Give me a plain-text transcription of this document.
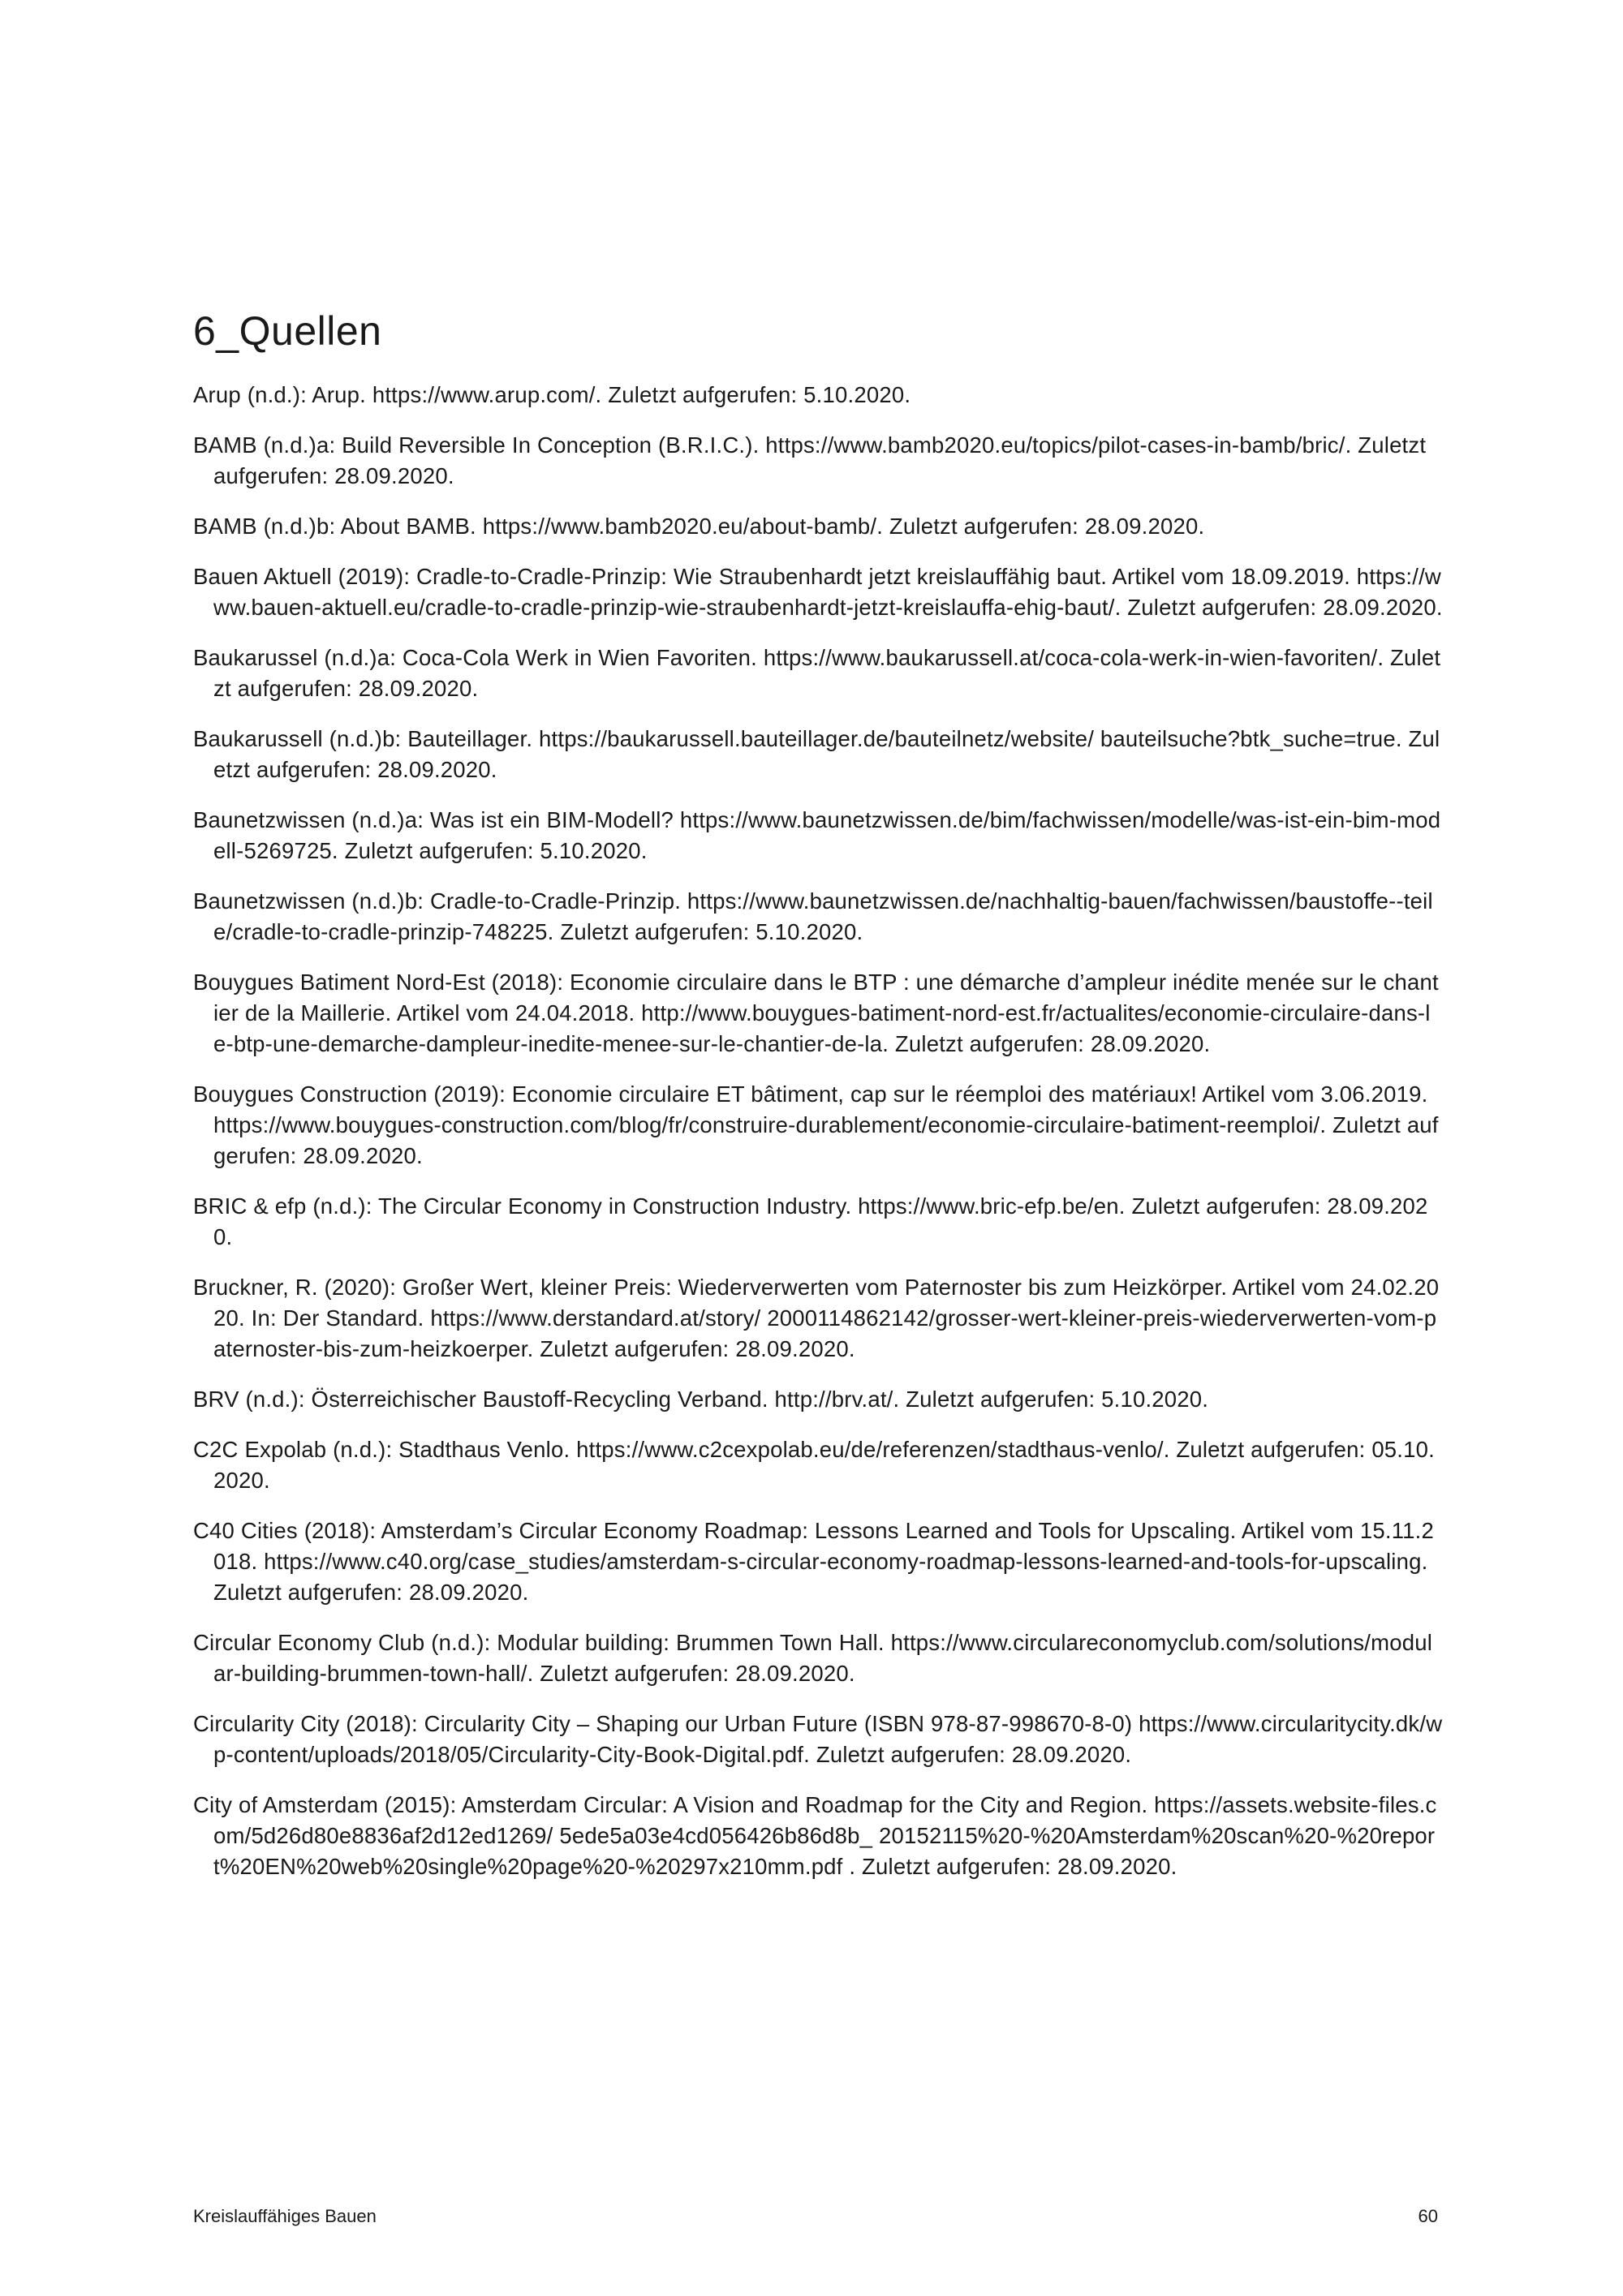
6_Quellen
Arup (n.d.): Arup. https://www.arup.com/. Zuletzt aufgerufen: 5.10.2020.
BAMB (n.d.)a: Build Reversible In Conception (B.R.I.C.). https://www.bamb2020.eu/topics/pilot-cases-in-bamb/bric/. Zuletzt aufgerufen: 28.09.2020.
BAMB (n.d.)b: About BAMB. https://www.bamb2020.eu/about-bamb/. Zuletzt aufgerufen: 28.09.2020.
Bauen Aktuell (2019): Cradle-to-Cradle-Prinzip: Wie Straubenhardt jetzt kreislauffähig baut. Artikel vom 18.09.2019. https://www.bauen-aktuell.eu/cradle-to-cradle-prinzip-wie-straubenhardt-jetzt-kreislauffa-ehig-baut/. Zuletzt aufgerufen: 28.09.2020.
Baukarussel (n.d.)a: Coca-Cola Werk in Wien Favoriten. https://www.baukarussell.at/coca-cola-werk-in-wien-favoriten/. Zuletzt aufgerufen: 28.09.2020.
Baukarussell (n.d.)b: Bauteillager. https://baukarussell.bauteillager.de/bauteilnetz/website/ bauteilsuche?btk_suche=true. Zuletzt aufgerufen: 28.09.2020.
Baunetzwissen (n.d.)a: Was ist ein BIM-Modell? https://www.baunetzwissen.de/bim/fachwissen/modelle/was-ist-ein-bim-modell-5269725. Zuletzt aufgerufen: 5.10.2020.
Baunetzwissen (n.d.)b: Cradle-to-Cradle-Prinzip. https://www.baunetzwissen.de/nachhaltig-bauen/fachwissen/baustoffe--teile/cradle-to-cradle-prinzip-748225. Zuletzt aufgerufen: 5.10.2020.
Bouygues Batiment Nord-Est (2018): Economie circulaire dans le BTP : une démarche d’ampleur inédite menée sur le chantier de la Maillerie. Artikel vom 24.04.2018. http://www.bouygues-batiment-nord-est.fr/actualites/economie-circulaire-dans-le-btp-une-demarche-dampleur-inedite-menee-sur-le-chantier-de-la. Zuletzt aufgerufen: 28.09.2020.
Bouygues Construction (2019): Economie circulaire ET bâtiment, cap sur le réemploi des matériaux! Artikel vom 3.06.2019. https://www.bouygues-construction.com/blog/fr/construire-durablement/economie-circulaire-batiment-reemploi/. Zuletzt aufgerufen: 28.09.2020.
BRIC & efp (n.d.): The Circular Economy in Construction Industry. https://www.bric-efp.be/en. Zuletzt aufgerufen: 28.09.2020.
Bruckner, R. (2020): Großer Wert, kleiner Preis: Wiederverwerten vom Paternoster bis zum Heizkörper. Artikel vom 24.02.2020. In: Der Standard. https://www.derstandard.at/story/ 2000114862142/grosser-wert-kleiner-preis-wiederverwerten-vom-paternoster-bis-zum-heizkoerper. Zuletzt aufgerufen: 28.09.2020.
BRV (n.d.): Österreichischer Baustoff-Recycling Verband. http://brv.at/. Zuletzt aufgerufen: 5.10.2020.
C2C Expolab (n.d.): Stadthaus Venlo. https://www.c2cexpolab.eu/de/referenzen/stadthaus-venlo/. Zuletzt aufgerufen: 05.10.2020.
C40 Cities (2018): Amsterdam’s Circular Economy Roadmap: Lessons Learned and Tools for Upscaling. Artikel vom 15.11.2018. https://www.c40.org/case_studies/amsterdam-s-circular-economy-roadmap-lessons-learned-and-tools-for-upscaling. Zuletzt aufgerufen: 28.09.2020.
Circular Economy Club (n.d.): Modular building: Brummen Town Hall. https://www.circulareconomyclub.com/solutions/modular-building-brummen-town-hall/. Zuletzt aufgerufen: 28.09.2020.
Circularity City (2018): Circularity City – Shaping our Urban Future (ISBN 978-87-998670-8-0) https://www.circularitycity.dk/wp-content/uploads/2018/05/Circularity-City-Book-Digital.pdf. Zuletzt aufgerufen: 28.09.2020.
City of Amsterdam (2015): Amsterdam Circular: A Vision and Roadmap for the City and Region. https://assets.website-files.com/5d26d80e8836af2d12ed1269/ 5ede5a03e4cd056426b86d8b_ 20152115%20-%20Amsterdam%20scan%20-%20report%20EN%20web%20single%20page%20-%20297x210mm.pdf . Zuletzt aufgerufen: 28.09.2020.
Kreislauffähiges Bauen	60
